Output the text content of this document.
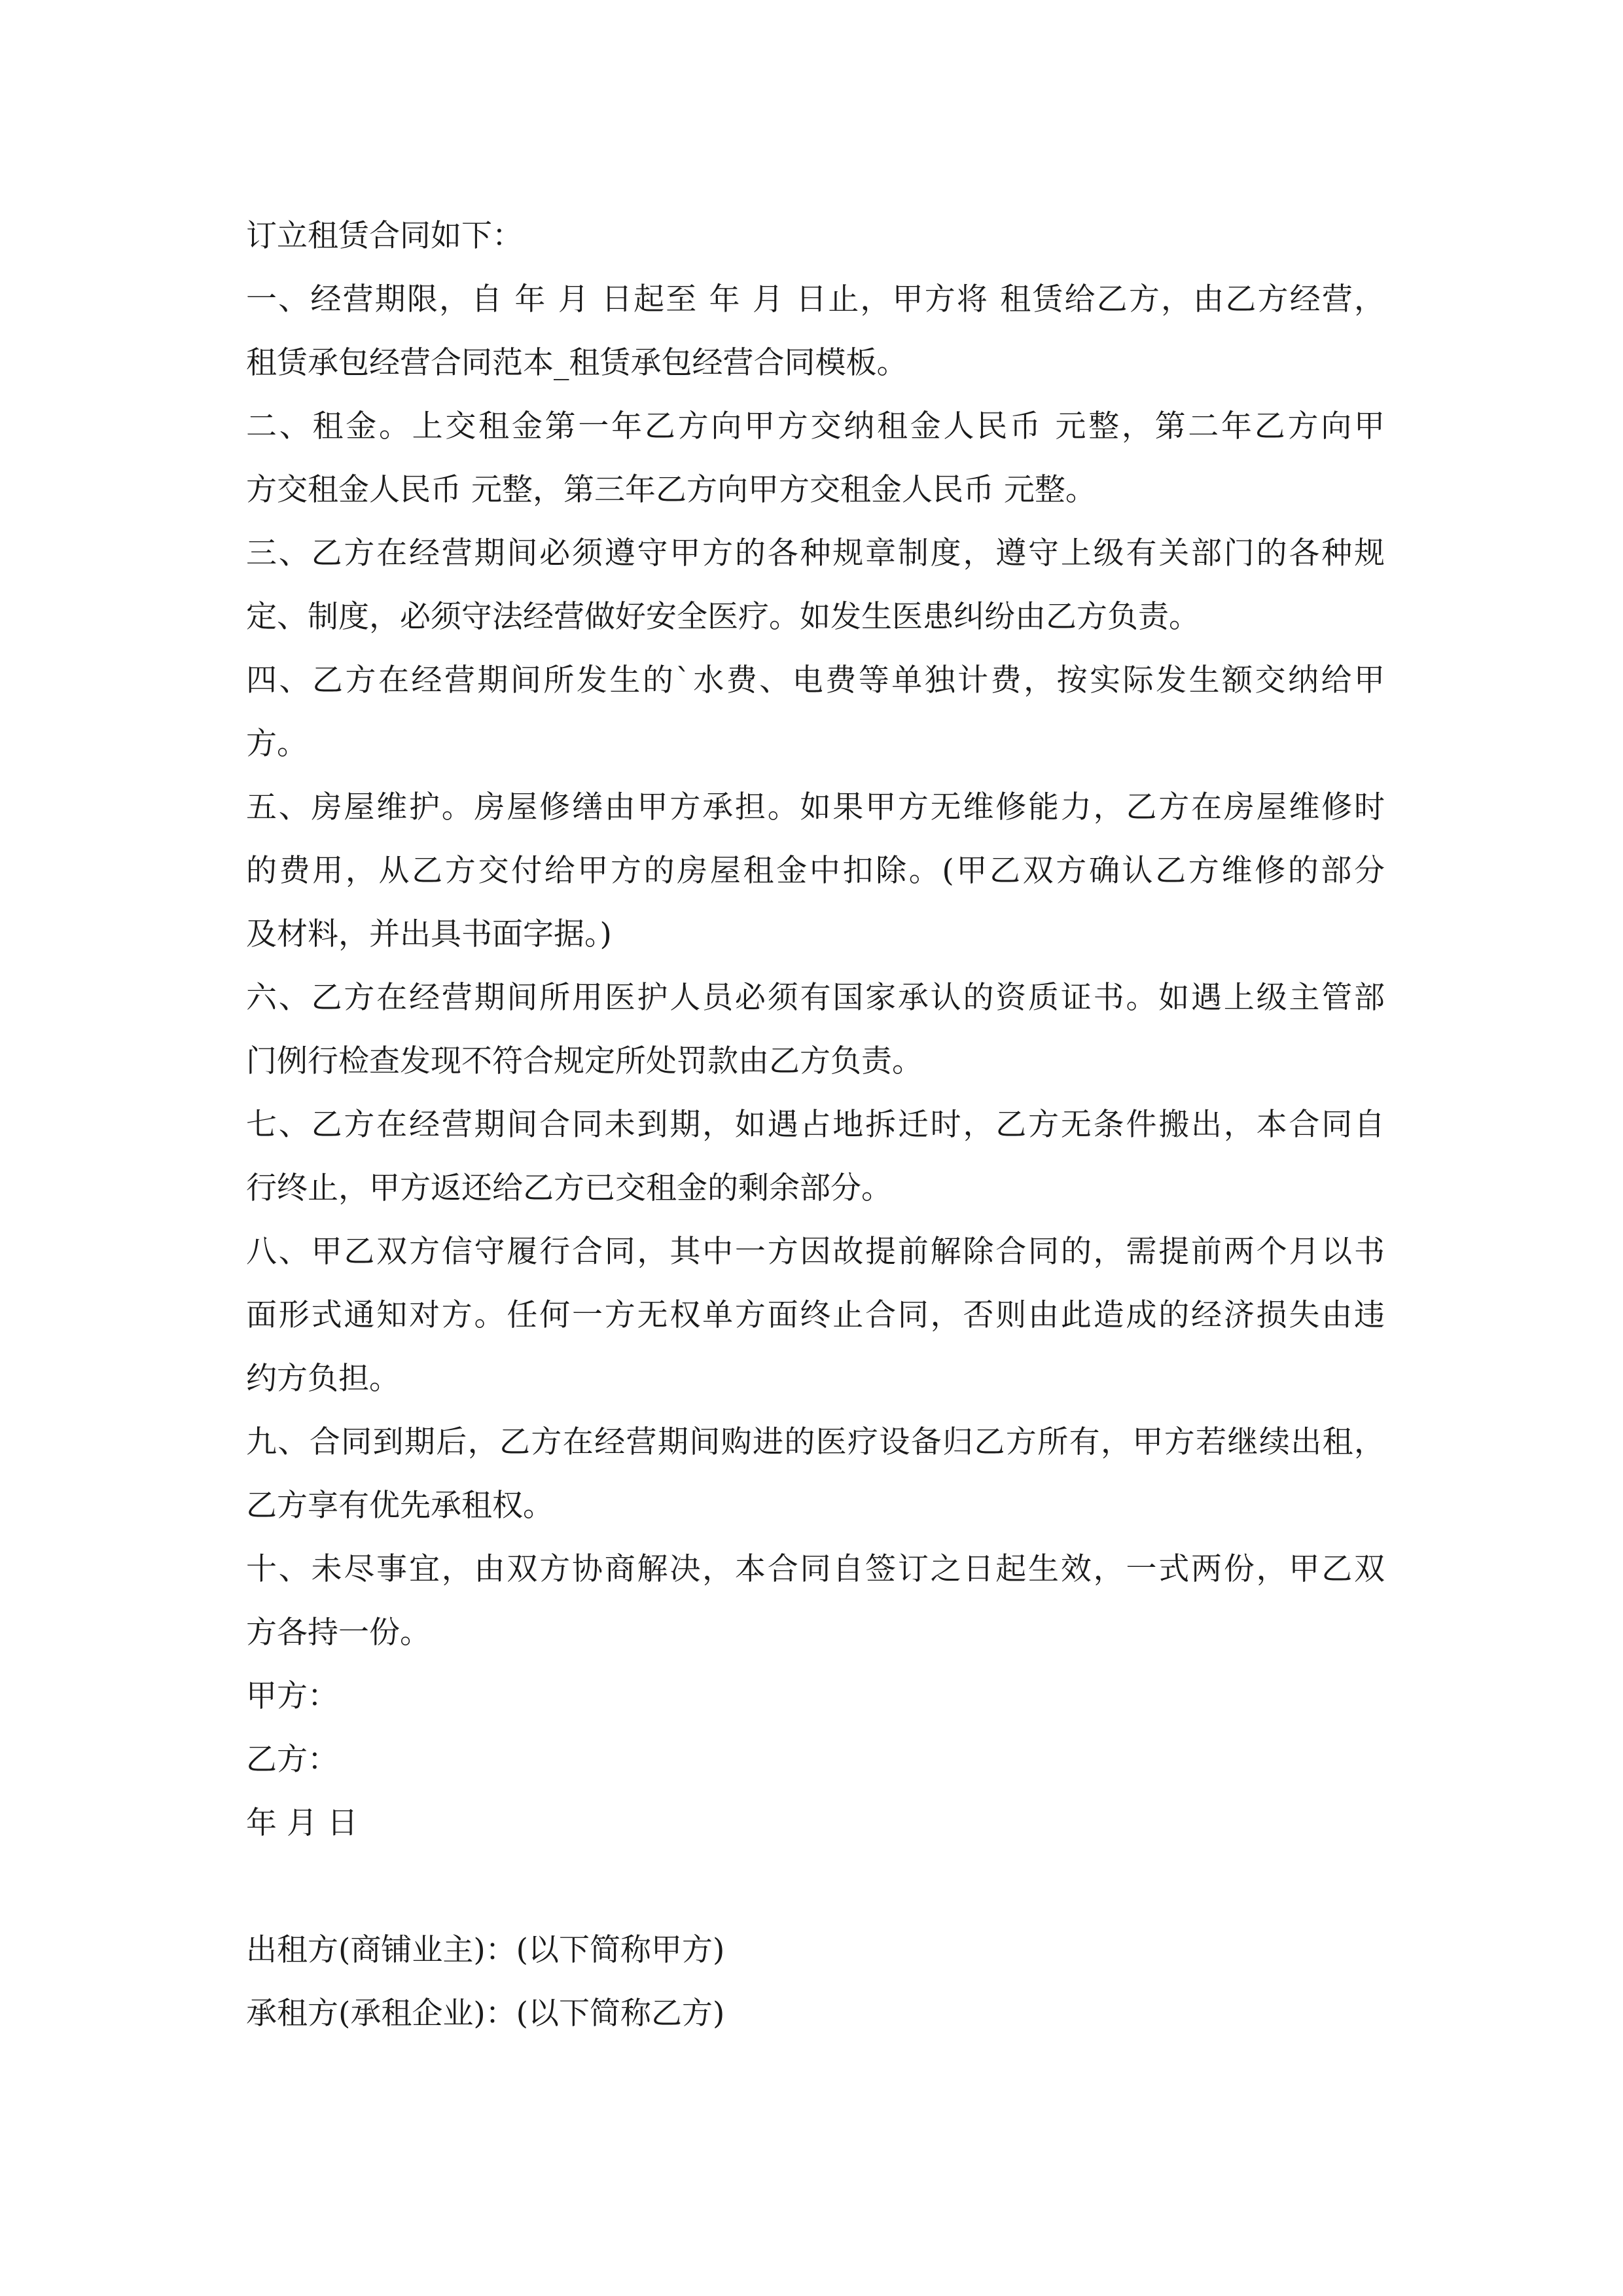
订立租赁合同如下：
一、经营期限，自 年 月 日起至 年 月 日止，甲方将 租赁给乙方，由乙方经营，
租赁承包经营合同范本_租赁承包经营合同模板。
二、租金。上交租金第一年乙方向甲方交纳租金人民币 元整，第二年乙方向甲
方交租金人民币 元整，第三年乙方向甲方交租金人民币 元整。
三、乙方在经营期间必须遵守甲方的各种规章制度，遵守上级有关部门的各种规
定、制度，必须守法经营做好安全医疗。如发生医患纠纷由乙方负责。
四、乙方在经营期间所发生的`水费、电费等单独计费，按实际发生额交纳给甲
方。
五、房屋维护。房屋修缮由甲方承担。如果甲方无维修能力，乙方在房屋维修时
的费用，从乙方交付给甲方的房屋租金中扣除。(甲乙双方确认乙方维修的部分
及材料，并出具书面字据。)
六、乙方在经营期间所用医护人员必须有国家承认的资质证书。如遇上级主管部
门例行检查发现不符合规定所处罚款由乙方负责。
七、乙方在经营期间合同未到期，如遇占地拆迁时，乙方无条件搬出，本合同自
行终止，甲方返还给乙方已交租金的剩余部分。
八、甲乙双方信守履行合同，其中一方因故提前解除合同的，需提前两个月以书
面形式通知对方。任何一方无权单方面终止合同，否则由此造成的经济损失由违
约方负担。
九、合同到期后，乙方在经营期间购进的医疗设备归乙方所有，甲方若继续出租，
乙方享有优先承租权。
十、未尽事宜，由双方协商解决，本合同自签订之日起生效，一式两份，甲乙双
方各持一份。
甲方：
乙方：
年 月 日
出租方(商铺业主)：(以下简称甲方)
承租方(承租企业)：(以下简称乙方)
